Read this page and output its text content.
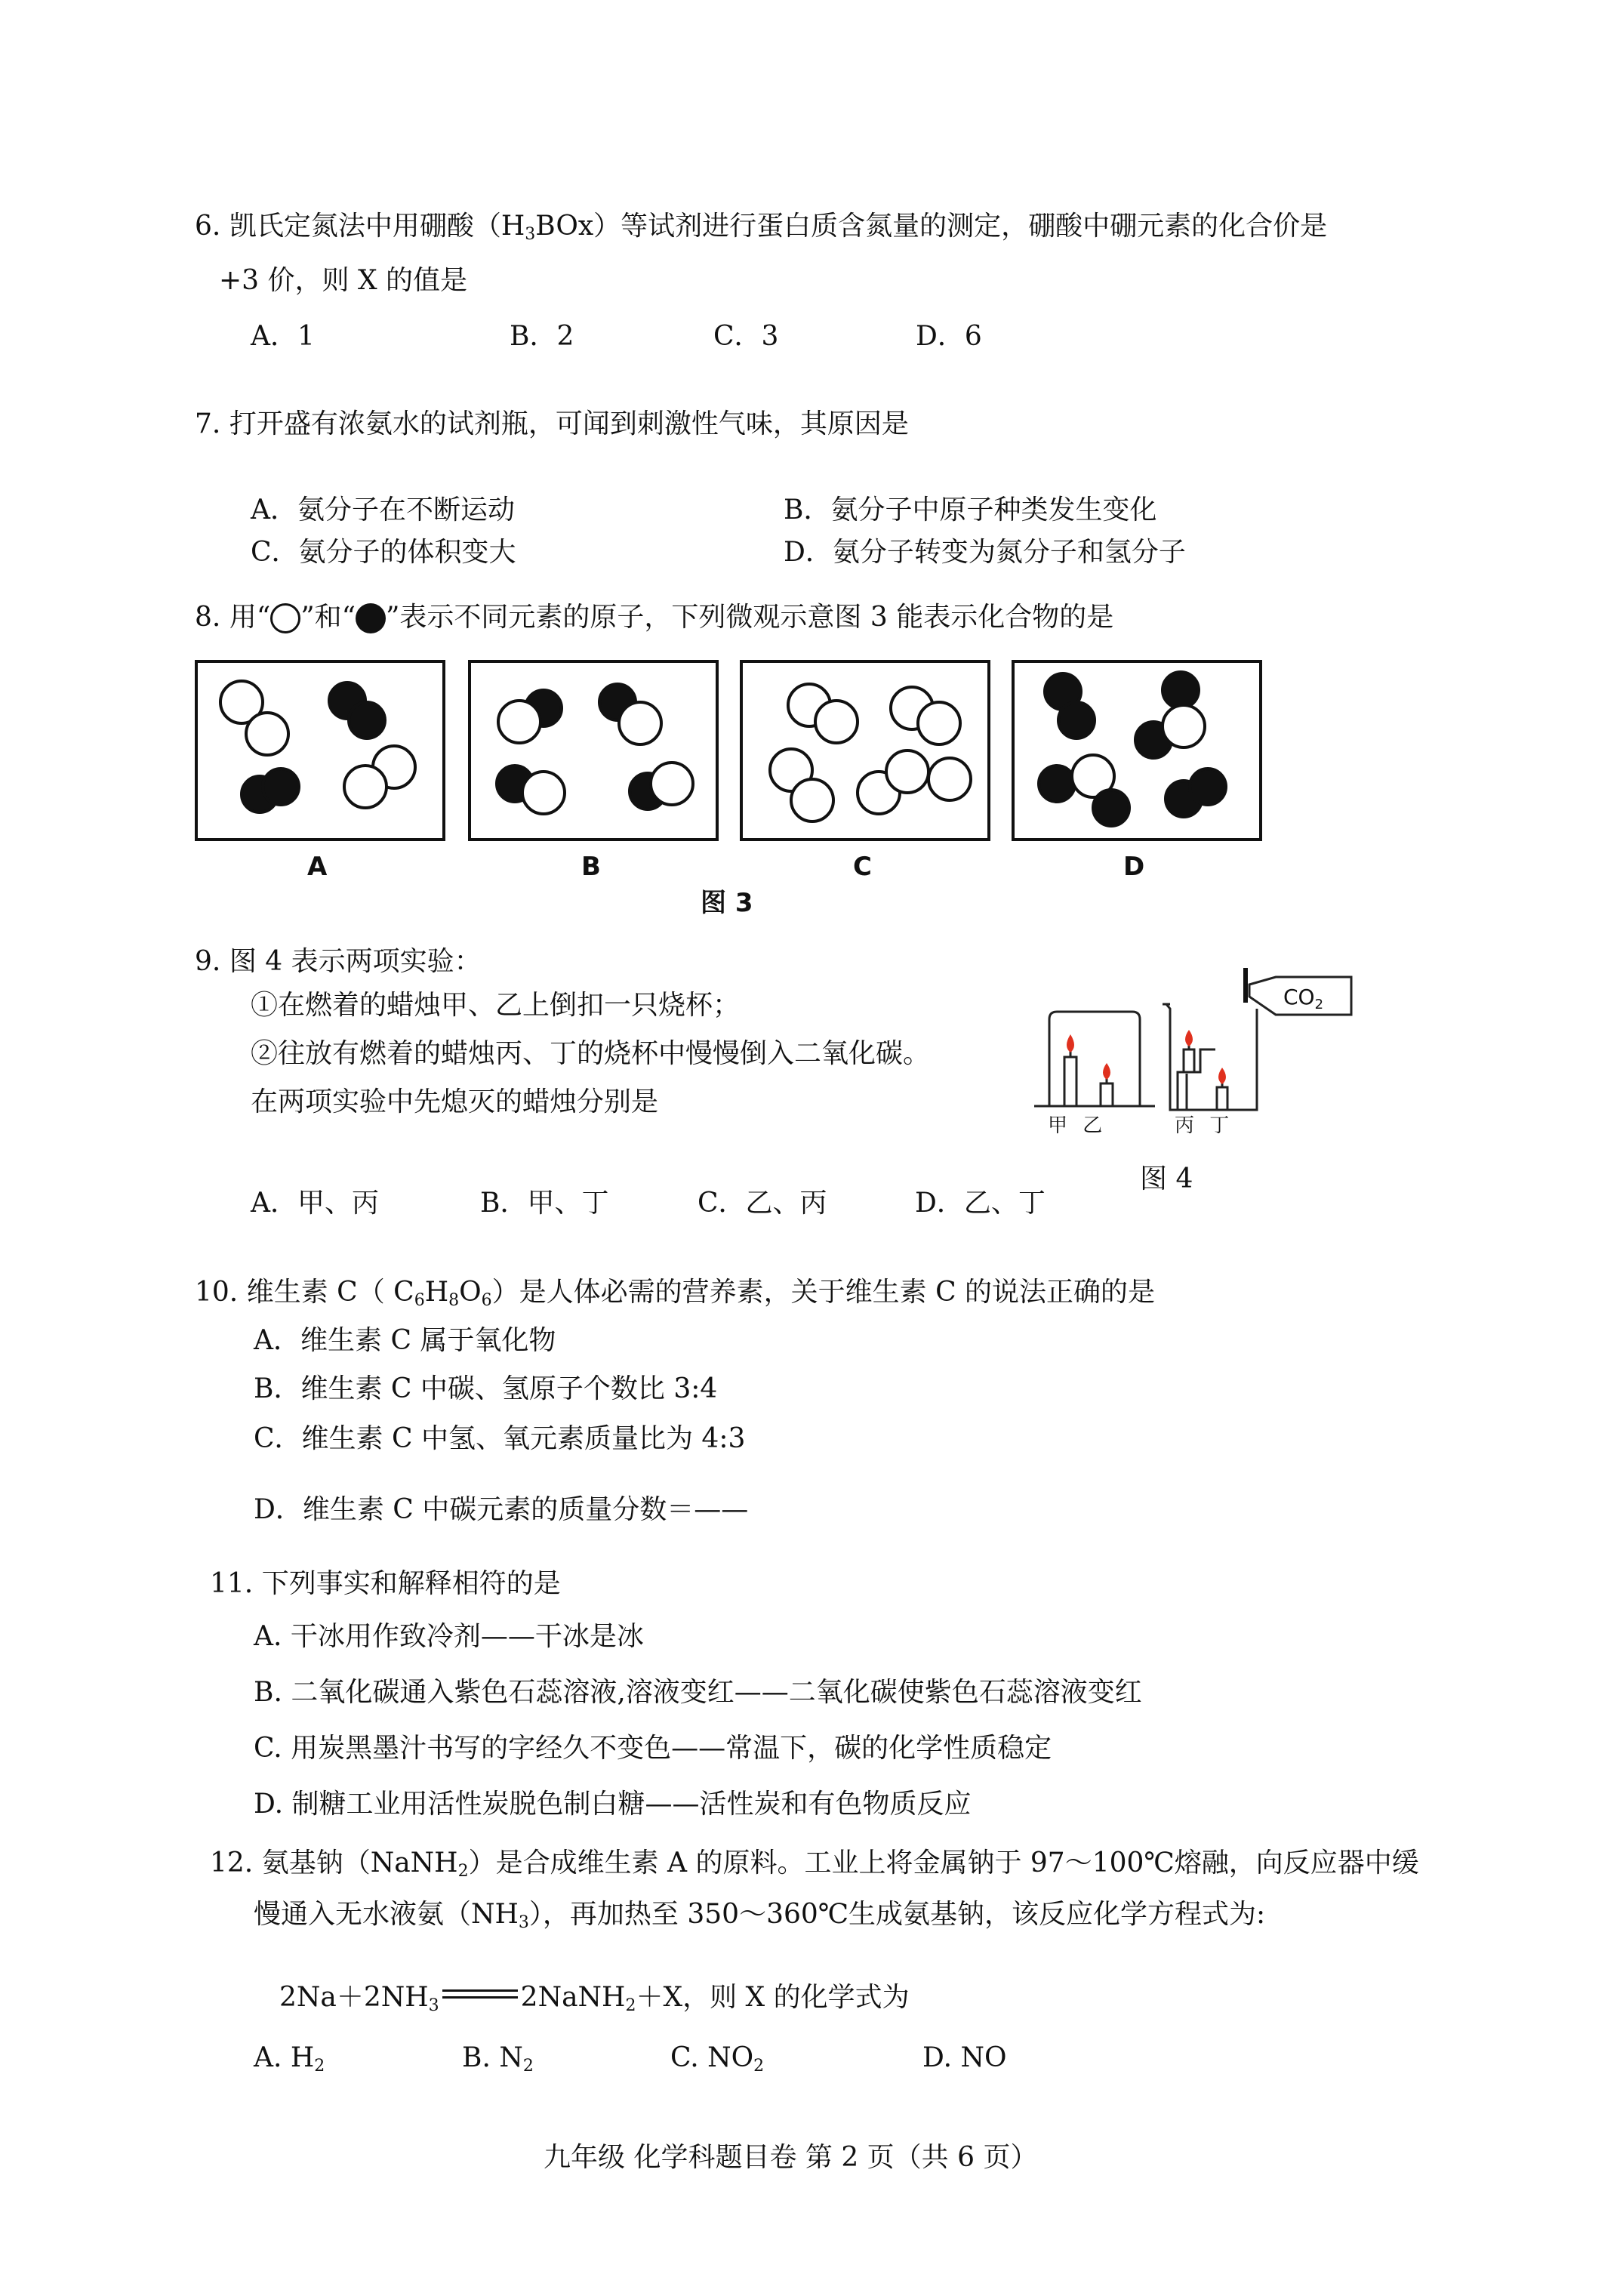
6. 凯氏定氮法中用硼酸$(H_3BOx)$等试剂进行蛋白质含氮量的测定，硼酸中硼元素的化合价是
+3 价，则 X 的值是
A．1	B．2	C．3	D．6
7. 打开盛有浓氨水的试剂瓶，可闻到刺激性气味，其原因是
A．氨分子在不断运动	B．氨分子中原子种类发生变化
C．氨分子的体积变大	D．氨分子转变为氮分子和氢分子
8. 用“ ”和“ ”表示不同元素的原子，下列微观示意图 3 能表示化合物的是
A	B	C	D
图 3
9. 图 4 表示两项实验：
①在燃着的蜡烛甲、乙上倒扣一只烧杯；
②往放有燃着的蜡烛丙、丁的烧杯中慢慢倒入二氧化碳。
在两项实验中先熄灭的蜡烛分别是
$CO_2$
甲 乙	丙 丁
图 4
A．甲、丙	B．甲、丁	C．乙、丙	D．乙、丁
10. 维生素 C（ $C_6H_8O_6$）是人体必需的营养素，关于维生素 C 的说法正确的是
A．维生素 C 属于氧化物
B．维生素 C 中碳、氢原子个数比 3:4
C．维生素 C 中氢、氧元素质量比为 4:3
D．维生素 C 中碳元素的质量分数＝——
11. 下列事实和解释相符的是
A. 干冰用作致冷剂——干冰是冰
B. 二氧化碳通入紫色石蕊溶液,溶液变红——二氧化碳使紫色石蕊溶液变红
C. 用炭黑墨汁书写的字经久不变色——常温下，碳的化学性质稳定
D. 制糖工业用活性炭脱色制白糖——活性炭和有色物质反应
12. 氨基钠（NaNH$_2$）是合成维生素 A 的原料。工业上将金属钠于 97～100℃熔融，向反应器中缓
慢通入无水液氨$(NH_3)$，再加热至 350～360℃生成氨基钠，该反应化学方程式为:
$2Na+2NH_3$	2NaNH$_2$＋X，则 X 的化学式为
A. $H_2$	B. $N_2$	C. $NO_2$	D. NO
九年级 化学科题目卷 第 2 页（共 6 页）
